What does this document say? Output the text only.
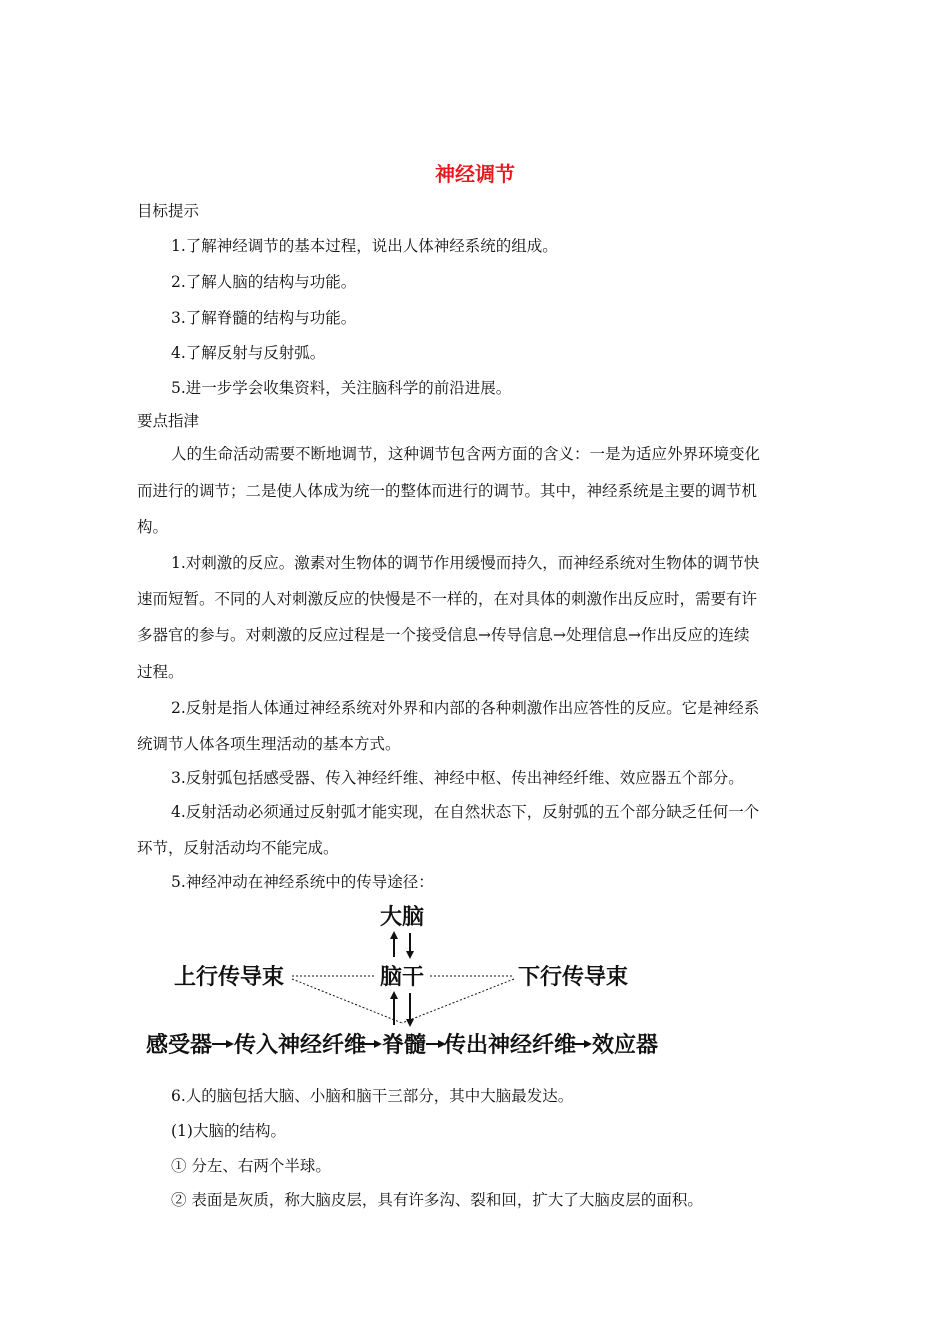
神经调节
目标提示
1.了解神经调节的基本过程，说出人体神经系统的组成。
2.了解人脑的结构与功能。
3.了解脊髓的结构与功能。
4.了解反射与反射弧。
5.进一步学会收集资料，关注脑科学的前沿进展。
要点指津
人的生命活动需要不断地调节，这种调节包含两方面的含义：一是为适应外界环境变化
而进行的调节；二是使人体成为统一的整体而进行的调节。其中，神经系统是主要的调节机
构。
1.对刺激的反应。激素对生物体的调节作用缓慢而持久，而神经系统对生物体的调节快
速而短暂。不同的人对刺激反应的快慢是不一样的，在对具体的刺激作出反应时，需要有许
多器官的参与。对刺激的反应过程是一个接受信息→传导信息→处理信息→作出反应的连续
过程。
2.反射是指人体通过神经系统对外界和内部的各种刺激作出应答性的反应。它是神经系
统调节人体各项生理活动的基本方式。
3.反射弧包括感受器、传入神经纤维、神经中枢、传出神经纤维、效应器五个部分。
4.反射活动必须通过反射弧才能实现，在自然状态下，反射弧的五个部分缺乏任何一个
环节，反射活动均不能完成。
5.神经冲动在神经系统中的传导途径：
大脑
上行传导束	脑干	下行传导束
感受器 传入神经纤维 脊髓 传出神经纤维 效应器
6.人的脑包括大脑、小脑和脑干三部分，其中大脑最发达。
(1)大脑的结构。
① 分左、右两个半球。
② 表面是灰质，称大脑皮层，具有许多沟、裂和回，扩大了大脑皮层的面积。
